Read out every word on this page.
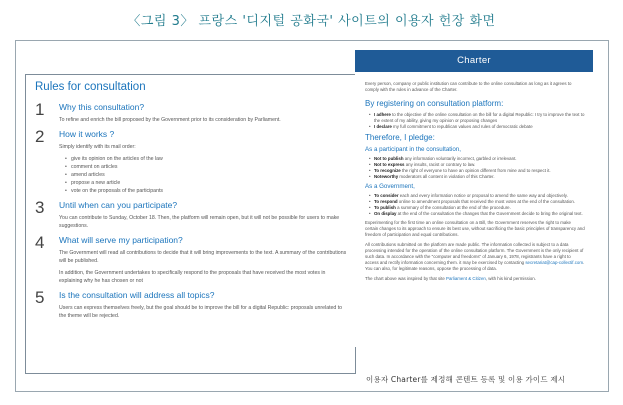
〈그림 3〉 프랑스 '디지털 공화국' 사이트의 이용자 헌장 화면
Rules for consultation
1 Why this consultation?

To refine and enrich the bill proposed by the Government prior to its consideration by Parliament.

2 How it works ?

Simply identify with its mail order:

• give its opinion on the articles of the law
• comment on articles
• amend articles
• propose a new article
• vote on the proposals of the participants
3 Until when can you participate?

You can contribute to Sunday, October 18. Then, the platform will remain open, but it will not be possible for users to make suggestions.

4 What will serve my participation?

The Government will read all contributions to decide that it will bring improvements to the text. A summary of the contributions will be published.

In addition, the Government undertakes to specifically respond to the proposals that have received the most votes in explaining why he has chosen or not

5 Is the consultation will address all topics?

Users can express themselves freely, but the goal should be to improve the bill for a digital Republic: proposals unrelated to the theme will be rejected.

Charter

Every person, company or public institution can contribute to the online consultation as long as it agrees to comply with the rules in advance of the Charter.

By registering on consultation platform:
• I adhere to the objective of the online consultation on the bill for a digital Republic: I try to improve the text to the extent of my ability, giving my opinion or proposing changes
• I declare my full commitment to republican values and rules of democratic debate
Therefore, I pledge:
As a participant in the consultation,
• Not to publish any information voluntarily incorrect, garbled or irrelevant.
• Not to express any insults, racist or contrary to law.
• To recognize the right of everyone to have an opinion different from mine and to respect it.
• Noteworthy moderators all content in violation of this Charter.
As a Government,
• To consider each and every information notice or proposal to amend the same way and objectively.
• To respond online to amendment proposals that received the most votes at the end of the consultation.
• To publish a summary of the consultation at the end of the procedure.
• On display at the end of the consultation the changes that the Government decide to bring the original text.

Experimenting for the first time an online consultation on a Bill, the Government reserves the right to make certain changes to its approach to ensure its best use, without sacrificing the basic principles of transparency and freedom of participation and equal contributions.

All contributions submitted on the platform are made public. The information collected is subject to a data processing intended for the operation of the online consultation platform. The Government is the only recipient of such data. In accordance with the "computer and freedoms" of January 6, 1978, registrants have a right to access and rectify information concerning them. it may be exercised by contacting secretariat@cap-collectif.com. You can also, for legitimate reasons, oppose the processing of data.

The chart above was inspired by that site Parliament & Citizen, with his kind permission.

이용자 Charter를 제정해 콘텐트 등록 및 이용 가이드 제시
